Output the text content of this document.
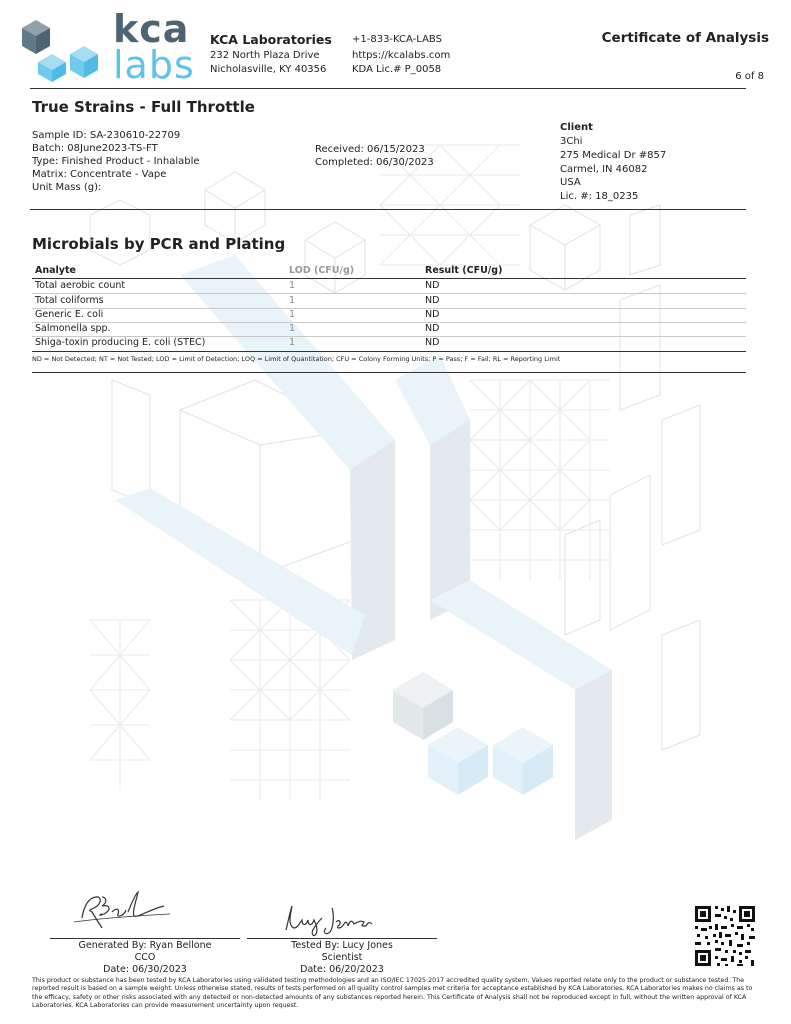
kca
labs
KCA Laboratories
232 North Plaza Drive
Nicholasville, KY 40356
+1-833-KCA-LABS
https://kcalabs.com
KDA Lic.# P_0058
Certificate of Analysis
6 of 8
True Strains - Full Throttle
Sample ID: SA-230610-22709
Batch: 08June2023-TS-FT
Type: Finished Product - Inhalable
Matrix: Concentrate - Vape
Unit Mass (g):
Received: 06/15/2023
Completed: 06/30/2023
Client
3Chi
275 Medical Dr #857
Carmel, IN 46082
USA
Lic. #: 18_0235
Microbials by PCR and Plating
Analyte	LOD (CFU/g)	Result (CFU/g)
Total aerobic count	1	ND
Total coliforms	1	ND
Generic E. coli	1	ND
Salmonella spp.	1	ND
Shiga-toxin producing E. coli (STEC)	1	ND
ND = Not Detected; NT = Not Tested; LOD = Limit of Detection; LOQ = Limit of Quantitation; CFU = Colony Forming Units; P = Pass; F = Fail; RL = Reporting Limit
Generated By: Ryan Bellone
CCO
Date: 06/30/2023
Tested By: Lucy Jones
Scientist
Date: 06/20/2023
This product or substance has been tested by KCA Laboratories using validated testing methodologies and an ISO/IEC 17025:2017 accredited quality system. Values reported relate only to the product or substance tested. The reported result is based on a sample weight. Unless otherwise stated, results of tests performed on all quality control samples met criteria for acceptance established by KCA Laboratories. KCA Laboratories makes no claims as to the efficacy, safety or other risks associated with any detected or non-detected amounts of any substances reported herein. This Certificate of Analysis shall not be reproduced except in full, without the written approval of KCA Laboratories. KCA Laboratories can provide measurement uncertainty upon request.
